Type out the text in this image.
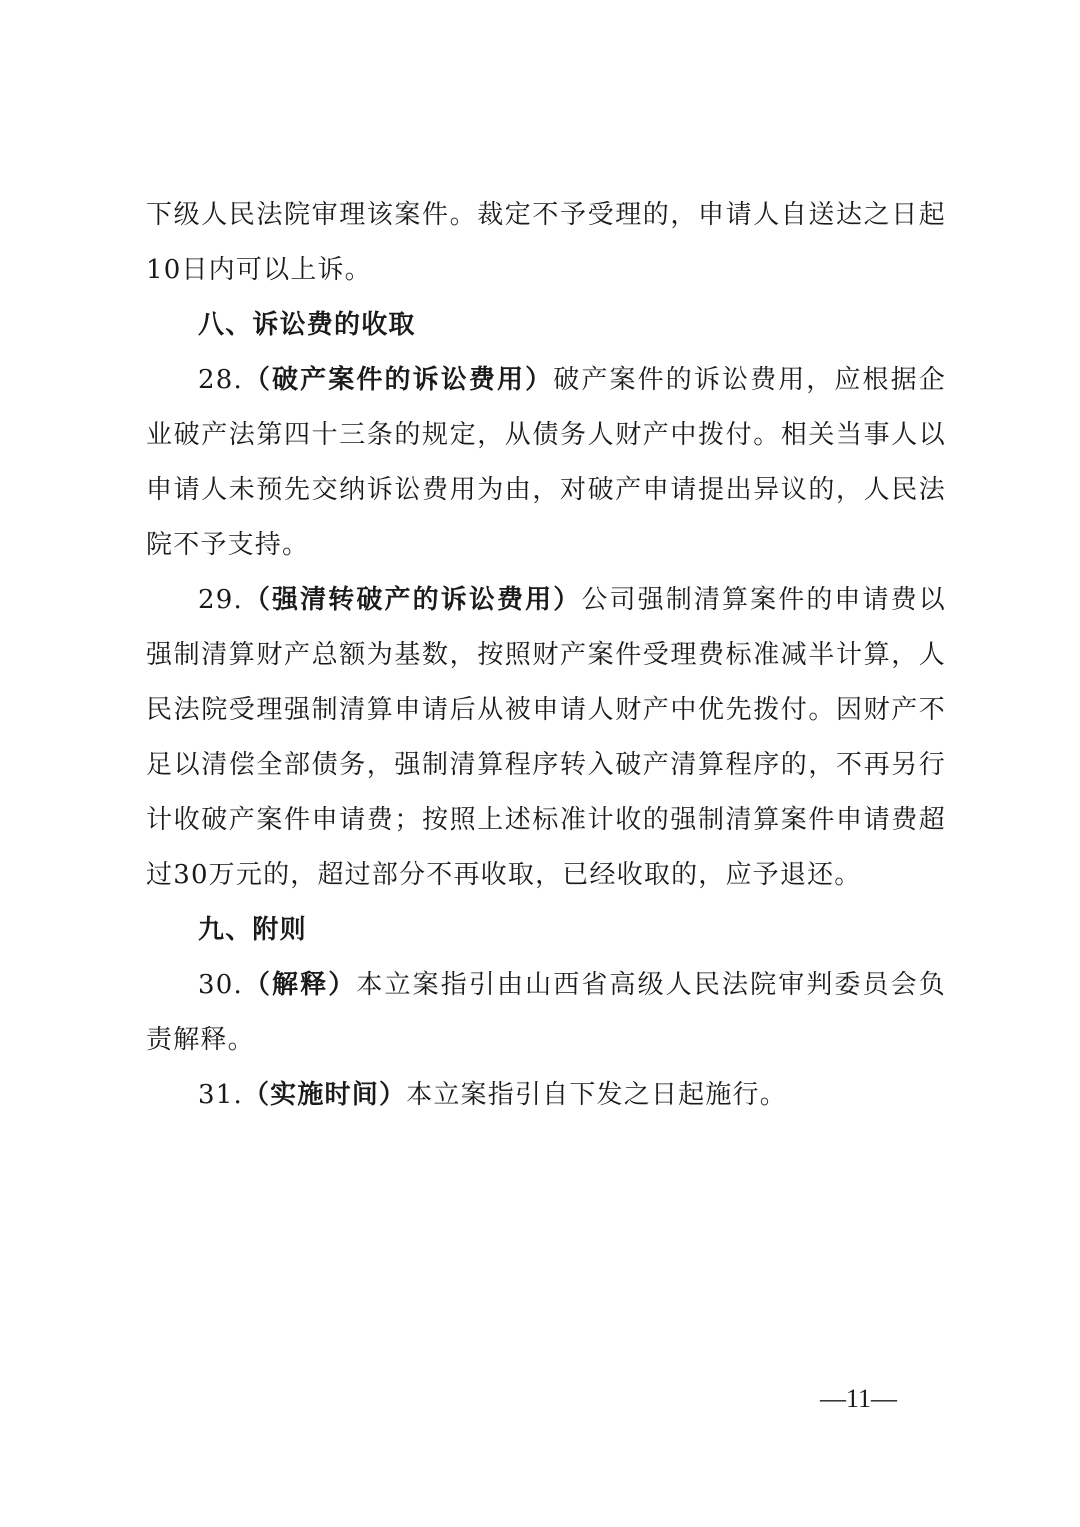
下级人民法院审理该案件。裁定不予受理的，申请人自送达之日起10日内可以上诉。

八、诉讼费的收取

28.（破产案件的诉讼费用）破产案件的诉讼费用，应根据企业破产法第四十三条的规定，从债务人财产中拨付。相关当事人以申请人未预先交纳诉讼费用为由，对破产申请提出异议的，人民法院不予支持。

29.（强清转破产的诉讼费用）公司强制清算案件的申请费以强制清算财产总额为基数，按照财产案件受理费标准减半计算，人民法院受理强制清算申请后从被申请人财产中优先拨付。因财产不足以清偿全部债务，强制清算程序转入破产清算程序的，不再另行计收破产案件申请费；按照上述标准计收的强制清算案件申请费超过30万元的，超过部分不再收取，已经收取的，应予退还。

九、附则

30.（解释）本立案指引由山西省高级人民法院审判委员会负责解释。

31.（实施时间）本立案指引自下发之日起施行。

—11—
